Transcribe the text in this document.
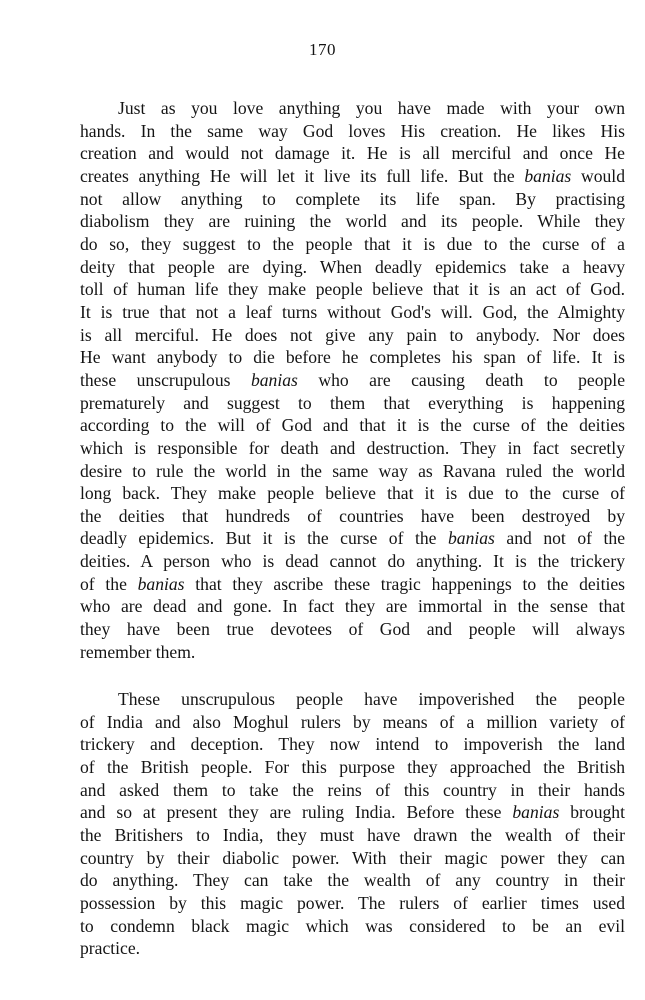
170

Just as you love anything you have made with your own
hands. In the same way God loves His creation. He likes His
creation and would not damage it. He is all merciful and once He
creates anything He will let it live its full life. But the banias would
not allow anything to complete its life span. By practising
diabolism they are ruining the world and its people. While they
do so, they suggest to the people that it is due to the curse of a
deity that people are dying. When deadly epidemics take a heavy
toll of human life they make people believe that it is an act of God.
It is true that not a leaf turns without God's will. God, the Almighty
is all merciful. He does not give any pain to anybody. Nor does
He want anybody to die before he completes his span of life. It is
these unscrupulous banias who are causing death to people
prematurely and suggest to them that everything is happening
according to the will of God and that it is the curse of the deities
which is responsible for death and destruction. They in fact secretly
desire to rule the world in the same way as Ravana ruled the world
long back. They make people believe that it is due to the curse of
the deities that hundreds of countries have been destroyed by
deadly epidemics. But it is the curse of the banias and not of the
deities. A person who is dead cannot do anything. It is the trickery
of the banias that they ascribe these tragic happenings to the deities
who are dead and gone. In fact they are immortal in the sense that
they have been true devotees of God and people will always
remember them.

These unscrupulous people have impoverished the people
of India and also Moghul rulers by means of a million variety of
trickery and deception. They now intend to impoverish the land
of the British people. For this purpose they approached the British
and asked them to take the reins of this country in their hands
and so at present they are ruling India. Before these banias brought
the Britishers to India, they must have drawn the wealth of their
country by their diabolic power. With their magic power they can
do anything. They can take the wealth of any country in their
possession by this magic power. The rulers of earlier times used
to condemn black magic which was considered to be an evil
practice.
